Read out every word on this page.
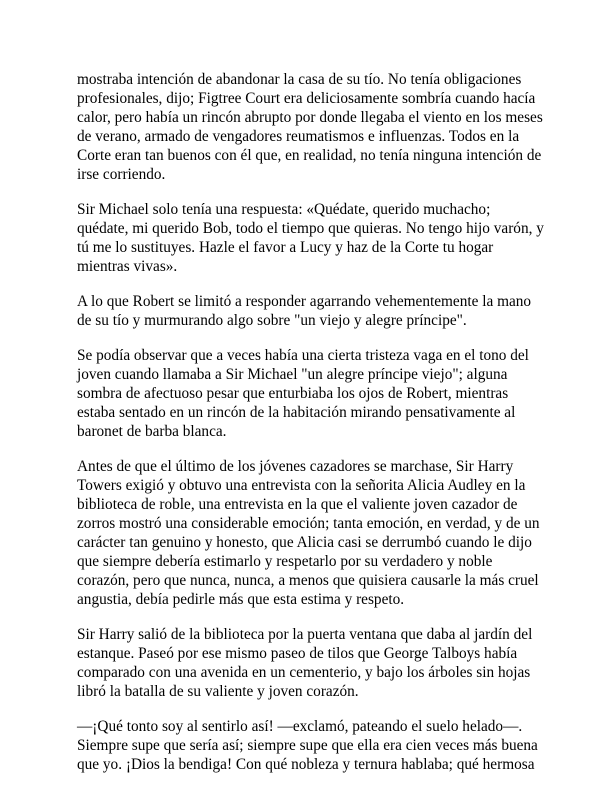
mostraba intención de abandonar la casa de su tío. No tenía obligaciones
profesionales, dijo; Figtree Court era deliciosamente sombría cuando hacía
calor, pero había un rincón abrupto por donde llegaba el viento en los meses
de verano, armado de vengadores reumatismos e influenzas. Todos en la
Corte eran tan buenos con él que, en realidad, no tenía ninguna intención de
irse corriendo.

Sir Michael solo tenía una respuesta: «Quédate, querido muchacho;
quédate, mi querido Bob, todo el tiempo que quieras. No tengo hijo varón, y
tú me lo sustituyes. Hazle el favor a Lucy y haz de la Corte tu hogar
mientras vivas».

A lo que Robert se limitó a responder agarrando vehementemente la mano
de su tío y murmurando algo sobre "un viejo y alegre príncipe".

Se podía observar que a veces había una cierta tristeza vaga en el tono del
joven cuando llamaba a Sir Michael "un alegre príncipe viejo"; alguna
sombra de afectuoso pesar que enturbiaba los ojos de Robert, mientras
estaba sentado en un rincón de la habitación mirando pensativamente al
baronet de barba blanca.

Antes de que el último de los jóvenes cazadores se marchase, Sir Harry
Towers exigió y obtuvo una entrevista con la señorita Alicia Audley en la
biblioteca de roble, una entrevista en la que el valiente joven cazador de
zorros mostró una considerable emoción; tanta emoción, en verdad, y de un
carácter tan genuino y honesto, que Alicia casi se derrumbó cuando le dijo
que siempre debería estimarlo y respetarlo por su verdadero y noble
corazón, pero que nunca, nunca, a menos que quisiera causarle la más cruel
angustia, debía pedirle más que esta estima y respeto.

Sir Harry salió de la biblioteca por la puerta ventana que daba al jardín del
estanque. Paseó por ese mismo paseo de tilos que George Talboys había
comparado con una avenida en un cementerio, y bajo los árboles sin hojas
libró la batalla de su valiente y joven corazón.

—¡Qué tonto soy al sentirlo así! —exclamó, pateando el suelo helado—.
Siempre supe que sería así; siempre supe que ella era cien veces más buena
que yo. ¡Dios la bendiga! Con qué nobleza y ternura hablaba; qué hermosa
